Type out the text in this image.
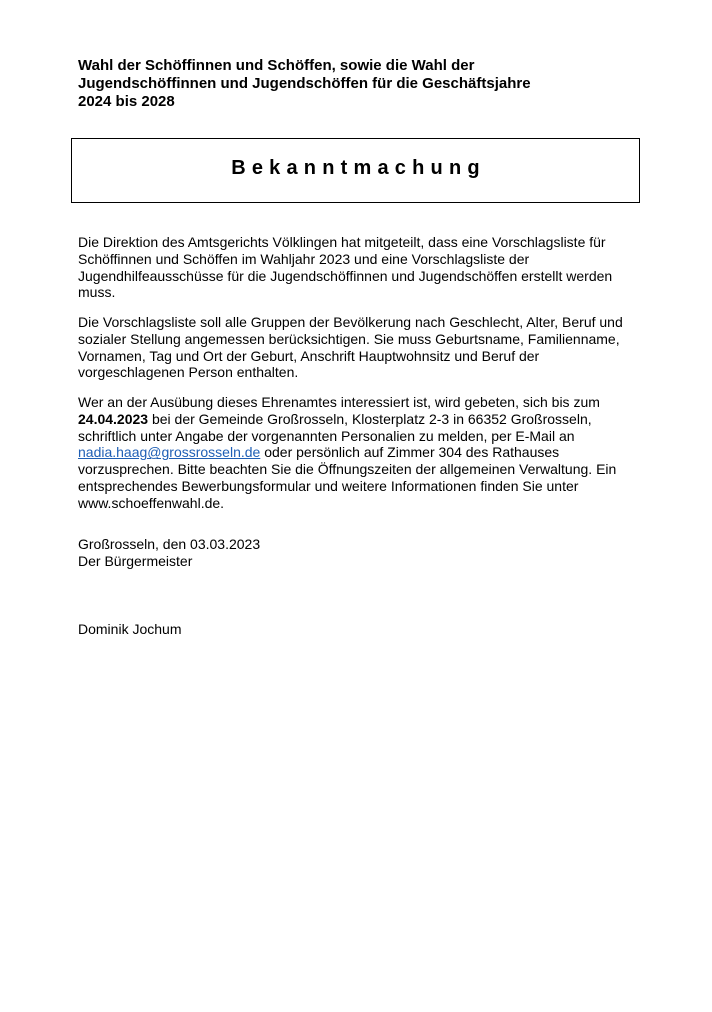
Wahl der Schöffinnen und Schöffen, sowie die Wahl der
Jugendschöffinnen und Jugendschöffen für die Geschäftsjahre
2024 bis 2028
Bekanntmachung
Die Direktion des Amtsgerichts Völklingen hat mitgeteilt, dass eine Vorschlagsliste für Schöffinnen und Schöffen im Wahljahr 2023 und eine Vorschlagsliste der Jugendhilfeausschüsse für die Jugendschöffinnen und Jugendschöffen erstellt werden muss.
Die Vorschlagsliste soll alle Gruppen der Bevölkerung nach Geschlecht, Alter, Beruf und sozialer Stellung angemessen berücksichtigen. Sie muss Geburtsname, Familienname, Vornamen, Tag und Ort der Geburt, Anschrift Hauptwohnsitz und Beruf der vorgeschlagenen Person enthalten.
Wer an der Ausübung dieses Ehrenamtes interessiert ist, wird gebeten, sich bis zum 24.04.2023 bei der Gemeinde Großrosseln, Klosterplatz 2-3 in 66352 Großrosseln, schriftlich unter Angabe der vorgenannten Personalien zu melden, per E-Mail an nadia.haag@grossrosseln.de oder persönlich auf Zimmer 304 des Rathauses vorzusprechen. Bitte beachten Sie die Öffnungszeiten der allgemeinen Verwaltung. Ein entsprechendes Bewerbungsformular und weitere Informationen finden Sie unter www.schoeffenwahl.de.
Großrosseln, den 03.03.2023
Der Bürgermeister
Dominik Jochum
